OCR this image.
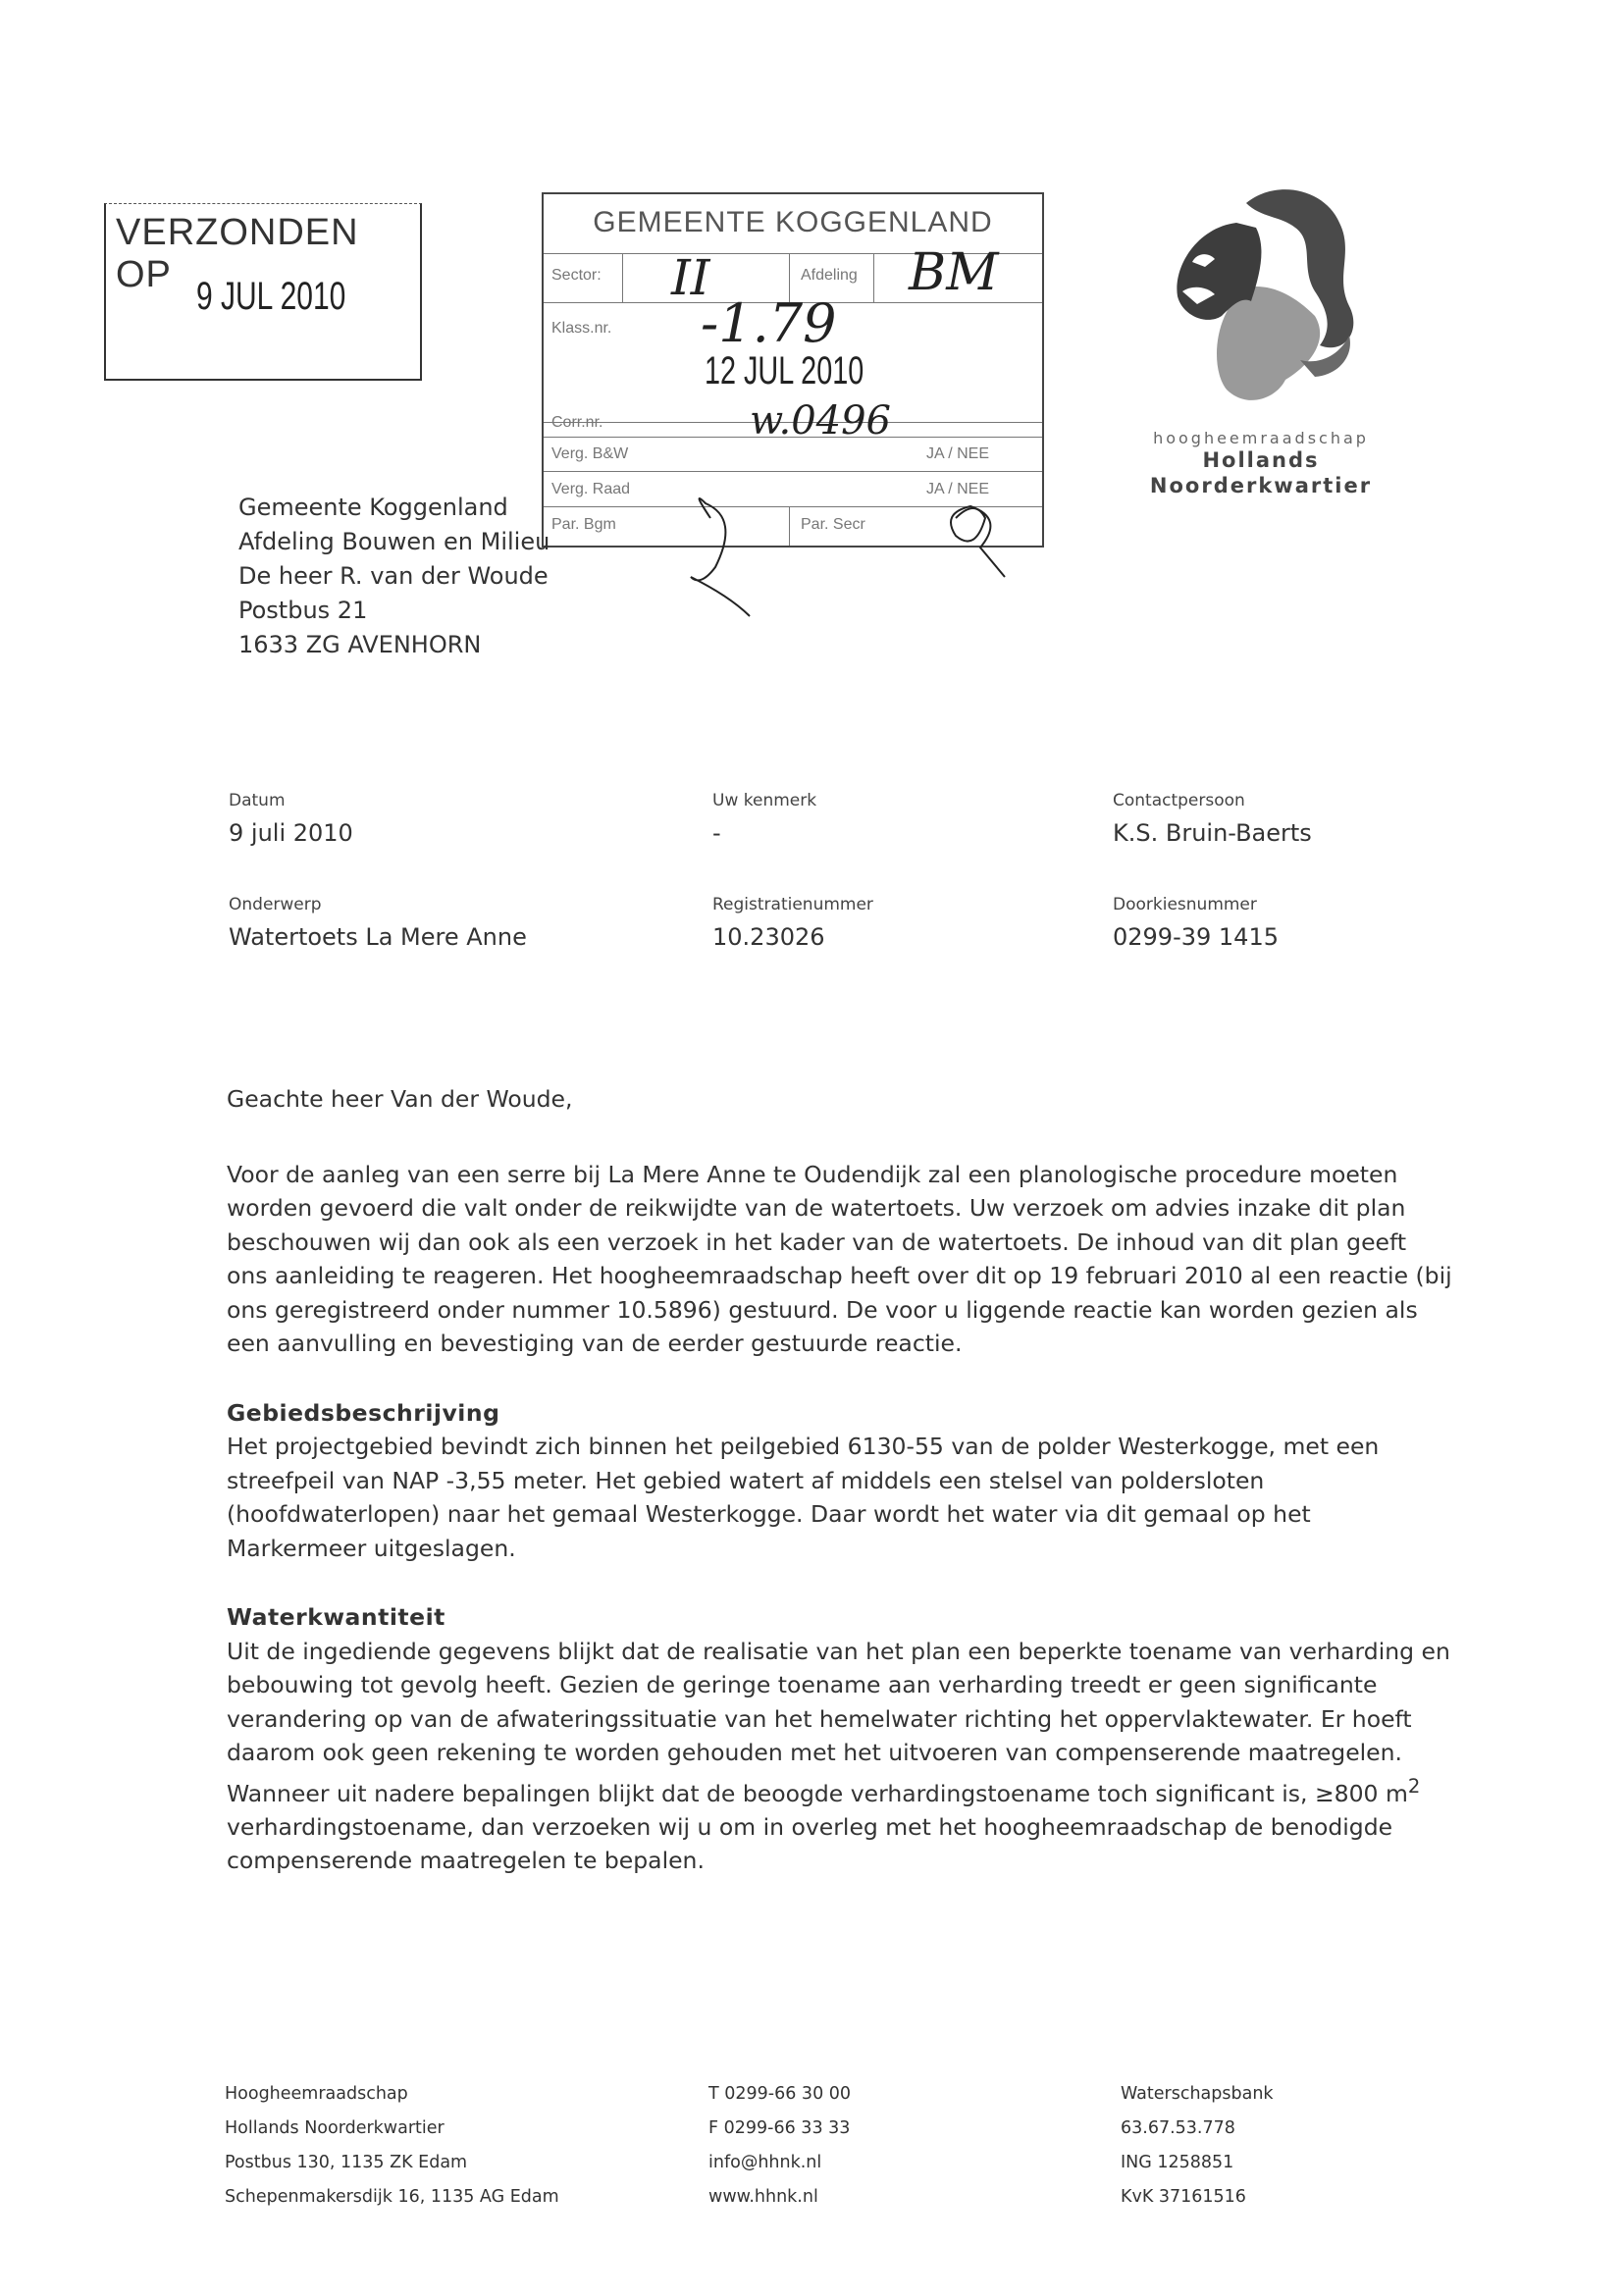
VERZONDEN OP 9 JUL 2010
GEMEENTE KOGGENLAND
Sector: II	Afdeling BM
Klass.nr. -1.79
12 JUL 2010
Corr.nr.	w.0496
Verg. B&W	JA / NEE
Verg. Raad	JA / NEE
Par. Bgm	Par. Secr
hoogheemraadschap
Hollands
Noorderkwartier
Gemeente Koggenland
Afdeling Bouwen en Milieu
De heer R. van der Woude
Postbus 21
1633 ZG AVENHORN
Datum
9 juli 2010
Uw kenmerk
-
Contactpersoon
K.S. Bruin-Baerts
Onderwerp
Watertoets La Mere Anne
Registratienummer
10.23026
Doorkiesnummer
0299-39 1415

Geachte heer Van der Woude,

Voor de aanleg van een serre bij La Mere Anne te Oudendijk zal een planologische procedure moeten worden gevoerd die valt onder de reikwijdte van de watertoets. Uw verzoek om advies inzake dit plan beschouwen wij dan ook als een verzoek in het kader van de watertoets. De inhoud van dit plan geeft ons aanleiding te reageren. Het hoogheemraadschap heeft over dit op 19 februari 2010 al een reactie (bij ons geregistreerd onder nummer 10.5896) gestuurd. De voor u liggende reactie kan worden gezien als een aanvulling en bevestiging van de eerder gestuurde reactie.

Gebiedsbeschrijving

Het projectgebied bevindt zich binnen het peilgebied 6130-55 van de polder Westerkogge, met een streefpeil van NAP -3,55 meter. Het gebied watert af middels een stelsel van poldersloten (hoofdwaterlopen) naar het gemaal Westerkogge. Daar wordt het water via dit gemaal op het Markermeer uitgeslagen.

Waterkwantiteit

Uit de ingediende gegevens blijkt dat de realisatie van het plan een beperkte toename van verharding en bebouwing tot gevolg heeft. Gezien de geringe toename aan verharding treedt er geen significante verandering op van de afwateringssituatie van het hemelwater richting het oppervlaktewater. Er hoeft daarom ook geen rekening te worden gehouden met het uitvoeren van compenserende maatregelen. Wanneer uit nadere bepalingen blijkt dat de beoogde verhardingstoename toch significant is, ≥800 $m^2$ verhardingstoename, dan verzoeken wij u om in overleg met het hoogheemraadschap de benodigde compenserende maatregelen te bepalen.

Hoogheemraadschap
Hollands Noorderkwartier
Postbus 130, 1135 ZK Edam
Schepenmakersdijk 16, 1135 AG Edam
T 0299-66 30 00
F 0299-66 33 33
info@hhnk.nl
www.hhnk.nl
Waterschapsbank
63.67.53.778
ING 1258851
KvK 37161516
